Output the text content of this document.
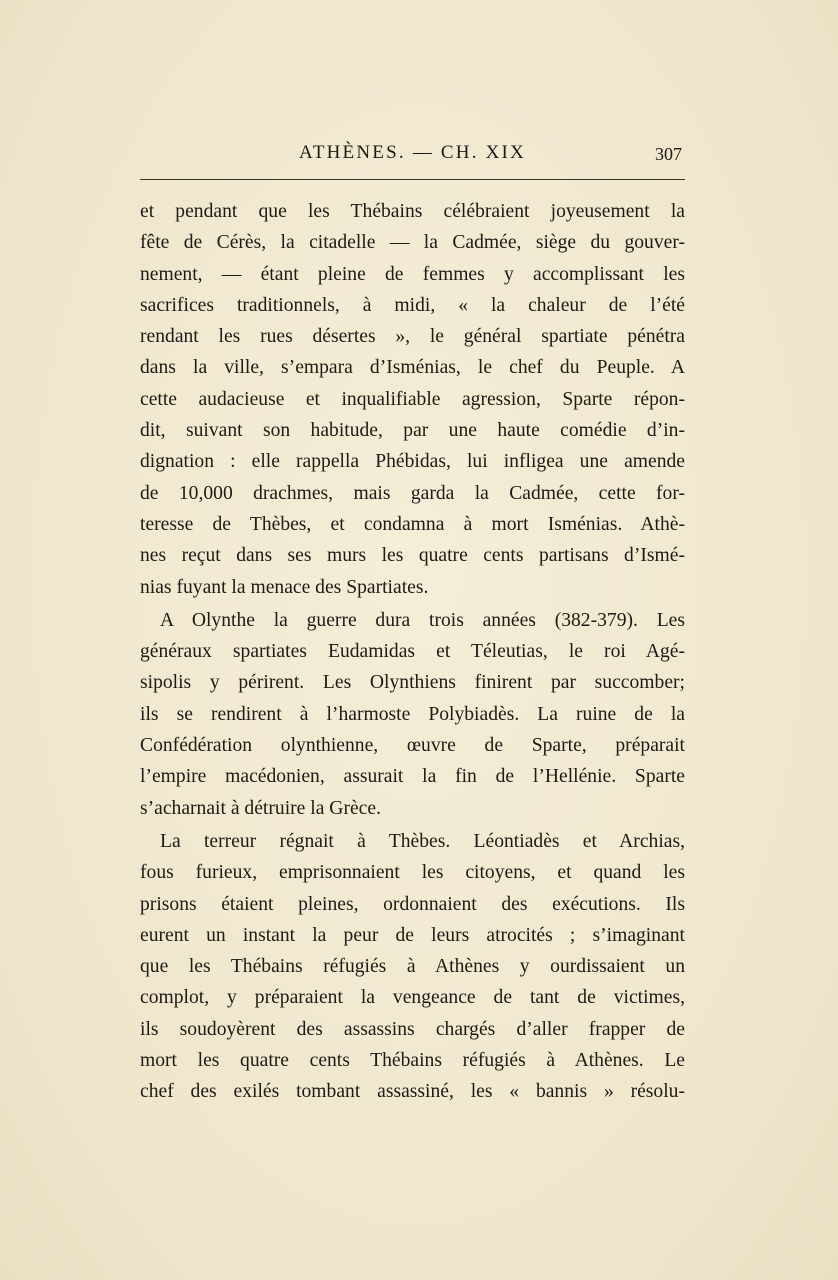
ATHÈNES. — CH. XIX	307
et pendant que les Thébains célébraient joyeusement la
fête de Cérès, la citadelle — la Cadmée, siège du gouver-
nement, — étant pleine de femmes y accomplissant les
sacrifices traditionnels, à midi, « la chaleur de l’été
rendant les rues désertes », le général spartiate pénétra
dans la ville, s’empara d’Isménias, le chef du Peuple. A
cette audacieuse et inqualifiable agression, Sparte répon-
dit, suivant son habitude, par une haute comédie d’in-
dignation : elle rappella Phébidas, lui infligea une amende
de 10,000 drachmes, mais garda la Cadmée, cette for-
teresse de Thèbes, et condamna à mort Isménias. Athè-
nes reçut dans ses murs les quatre cents partisans d’Ismé-
nias fuyant la menace des Spartiates.
A Olynthe la guerre dura trois années (382-379). Les
généraux spartiates Eudamidas et Téleutias, le roi Agé-
sipolis y périrent. Les Olynthiens finirent par succomber;
ils se rendirent à l’harmoste Polybiadès. La ruine de la
Confédération olynthienne, œuvre de Sparte, préparait
l’empire macédonien, assurait la fin de l’Hellénie. Sparte
s’acharnait à détruire la Grèce.
La terreur régnait à Thèbes. Léontiadès et Archias,
fous furieux, emprisonnaient les citoyens, et quand les
prisons étaient pleines, ordonnaient des exécutions. Ils
eurent un instant la peur de leurs atrocités ; s’imaginant
que les Thébains réfugiés à Athènes y ourdissaient un
complot, y préparaient la vengeance de tant de victimes,
ils soudoyèrent des assassins chargés d’aller frapper de
mort les quatre cents Thébains réfugiés à Athènes. Le
chef des exilés tombant assassiné, les « bannis » résolu-
